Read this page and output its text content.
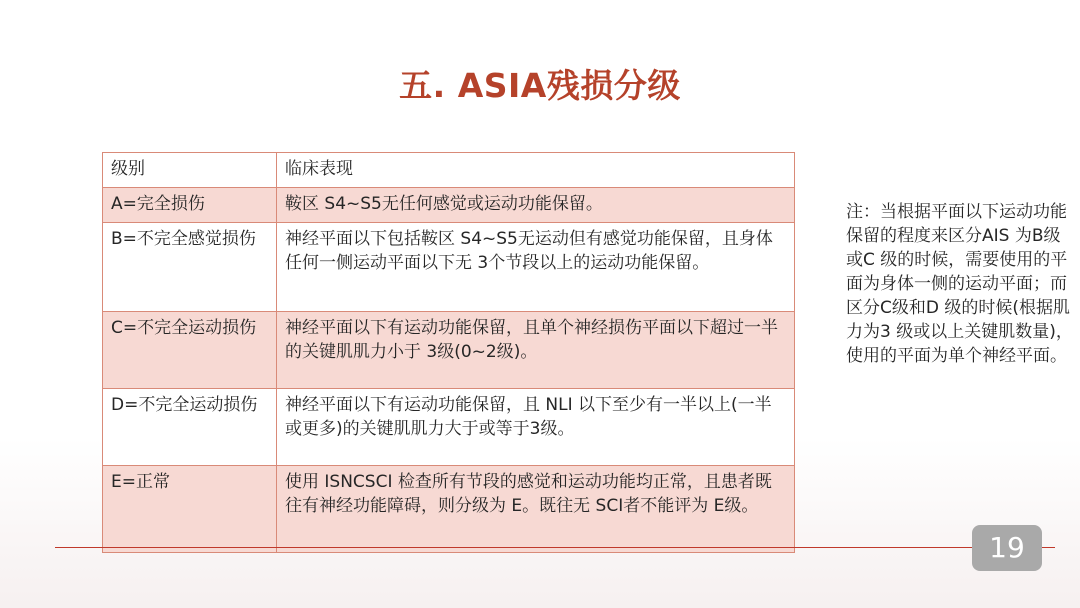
五. ASIA残损分级
级别	临床表现
A=完全损伤	鞍区 S4~S5无任何感觉或运动功能保留。
B=不完全感觉损伤	神经平面以下包括鞍区 S4~S5无运动但有感觉功能保留，且身体任何一侧运动平面以下无 3个节段以上的运动功能保留。
C=不完全运动损伤	神经平面以下有运动功能保留，且单个神经损伤平面以下超过一半的关键肌肌力小于 3级(0~2级)。
D=不完全运动损伤	神经平面以下有运动功能保留，且 NLI 以下至少有一半以上(一半或更多)的关键肌肌力大于或等于3级。
E=正常	使用 ISNCSCI 检查所有节段的感觉和运动功能均正常，且患者既往有神经功能障碍，则分级为 E。既往无 SCI者不能评为 E级。
注：当根据平面以下运动功能保留的程度来区分AIS 为B级或C 级的时候，需要使用的平面为身体一侧的运动平面；而区分C级和D 级的时候(根据肌力为3 级或以上关键肌数量)，使用的平面为单个神经平面。
19
